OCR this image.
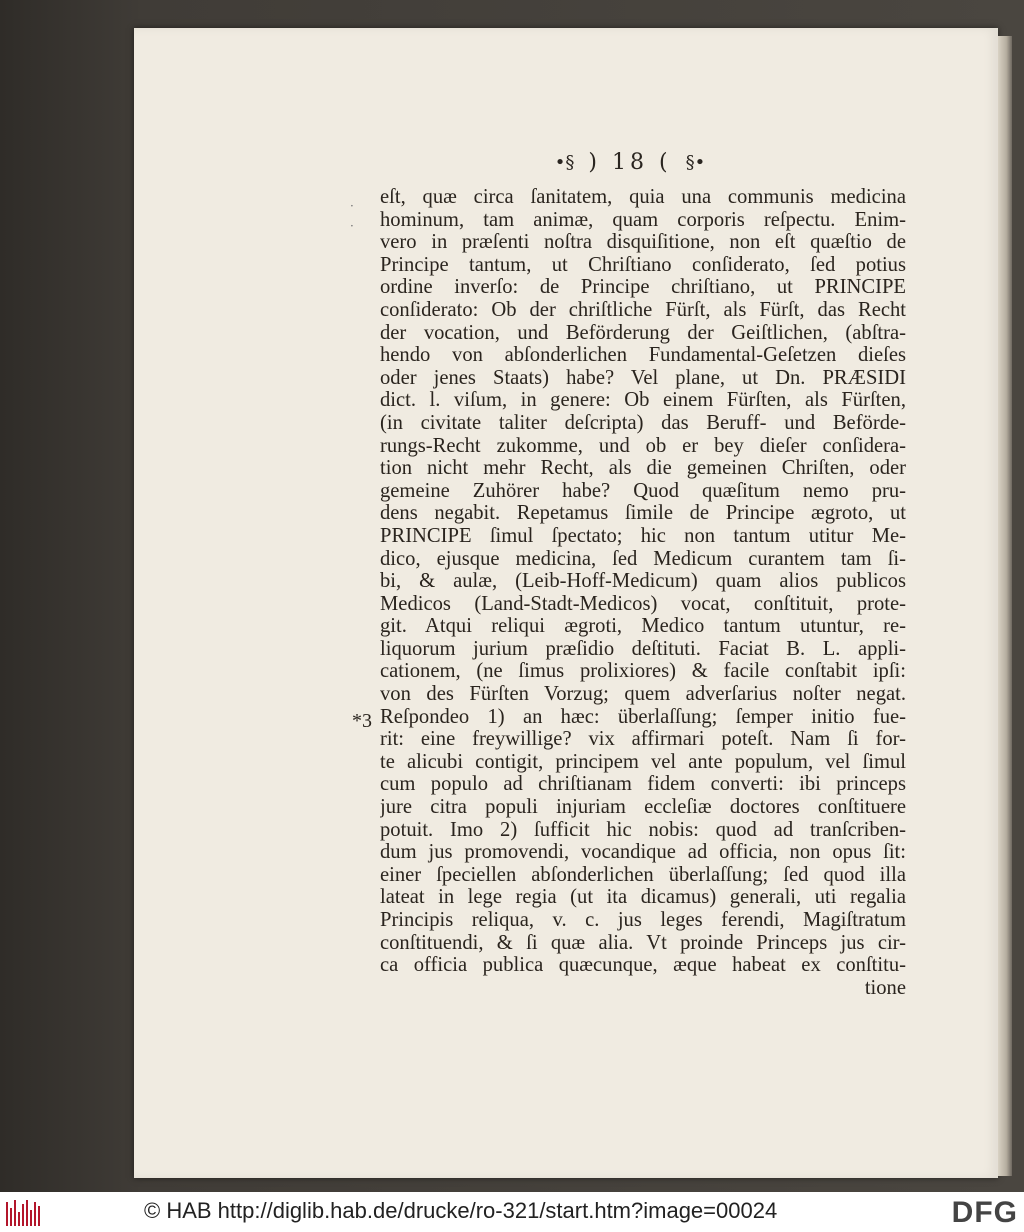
•§ ) 18 ( §•
·
·
eſt, quæ circa ſanitatem, quia una communis medicina
hominum, tam animæ, quam corporis reſpectu. Enim-
vero in præſenti noſtra disquiſitione, non eſt quæſtio de
Principe tantum, ut Chriſtiano conſiderato, ſed potius
ordine inverſo: de Principe chriſtiano, ut PRINCIPE
conſiderato: Ob der chriſtliche Fürſt, als Fürſt, das Recht
der vocation, und Beförderung der Geiſtlichen, (abſtra-
hendo von abſonderlichen Fundamental-Geſetzen dieſes
oder jenes Staats) habe? Vel plane, ut Dn. PRÆSIDI
dict. l. viſum, in genere: Ob einem Fürſten, als Fürſten,
(in civitate taliter deſcripta) das Beruff- und Beförde-
rungs-Recht zukomme, und ob er bey dieſer conſidera-
tion nicht mehr Recht, als die gemeinen Chriſten, oder
gemeine Zuhörer habe? Quod quæſitum nemo pru-
dens negabit. Repetamus ſimile de Principe ægroto, ut
PRINCIPE ſimul ſpectato; hic non tantum utitur Me-
dico, ejusque medicina, ſed Medicum curantem tam ſi-
bi, & aulæ, (Leib-Hoff-Medicum) quam alios publicos
Medicos (Land-Stadt-Medicos) vocat, conſtituit, prote-
git. Atqui reliqui ægroti, Medico tantum utuntur, re-
liquorum jurium præſidio deſtituti. Faciat B. L. appli-
cationem, (ne ſimus prolixiores) & facile conſtabit ipſi:
von des Fürſten Vorzug; quem adverſarius noſter negat.
Reſpondeo 1) an hæc: überlaſſung; ſemper initio fue-
rit: eine freywillige? vix affirmari poteſt. Nam ſi for-
te alicubi contigit, principem vel ante populum, vel ſimul
cum populo ad chriſtianam fidem converti: ibi princeps
jure citra populi injuriam eccleſiæ doctores conſtituere
potuit. Imo 2) ſufficit hic nobis: quod ad tranſcriben-
dum jus promovendi, vocandique ad officia, non opus ſit:
einer ſpeciellen abſonderlichen überlaſſung; ſed quod illa
lateat in lege regia (ut ita dicamus) generali, uti regalia
Principis reliqua, v. c. jus leges ferendi, Magiſtratum
conſtituendi, & ſi quæ alia. Vt proinde Princeps jus cir-
ca officia publica quæcunque, æque habeat ex conſtitu-
tione
*3
© HAB http://diglib.hab.de/drucke/ro-321/start.htm?image=00024	DFG
